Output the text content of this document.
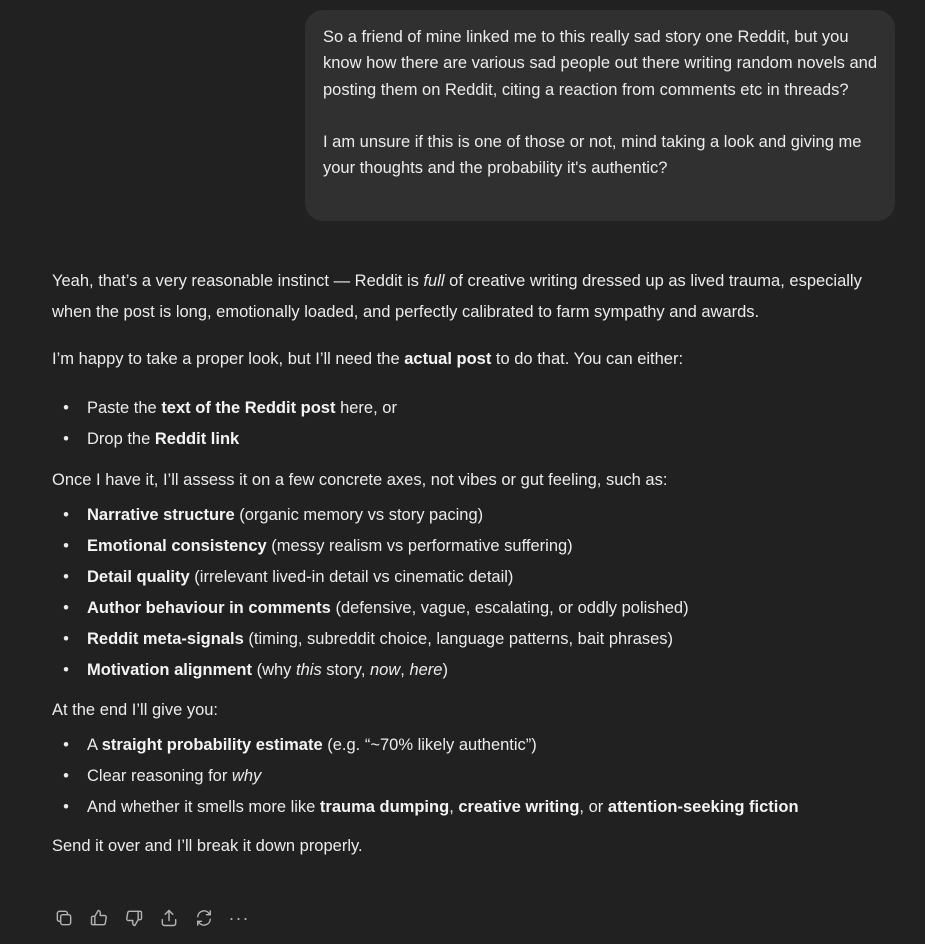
So a friend of mine linked me to this really sad story one Reddit, but you know how there are various sad people out there writing random novels and posting them on Reddit, citing a reaction from comments etc in threads?

I am unsure if this is one of those or not, mind taking a look and giving me your thoughts and the probability it's authentic?

Yeah, that’s a very reasonable instinct — Reddit is full of creative writing dressed up as lived trauma, especially when the post is long, emotionally loaded, and perfectly calibrated to farm sympathy and awards.

I’m happy to take a proper look, but I’ll need the actual post to do that. You can either:

• Paste the text of the Reddit post here, or
• Drop the Reddit link

Once I have it, I’ll assess it on a few concrete axes, not vibes or gut feeling, such as:

• Narrative structure (organic memory vs story pacing)
• Emotional consistency (messy realism vs performative suffering)
• Detail quality (irrelevant lived-in detail vs cinematic detail)
• Author behaviour in comments (defensive, vague, escalating, or oddly polished)
• Reddit meta-signals (timing, subreddit choice, language patterns, bait phrases)
• Motivation alignment (why this story, now, here)

At the end I’ll give you:

• A straight probability estimate (e.g. “~70% likely authentic”)
• Clear reasoning for why
• And whether it smells more like trauma dumping, creative writing, or attention-seeking fiction

Send it over and I’ll break it down properly.

···
